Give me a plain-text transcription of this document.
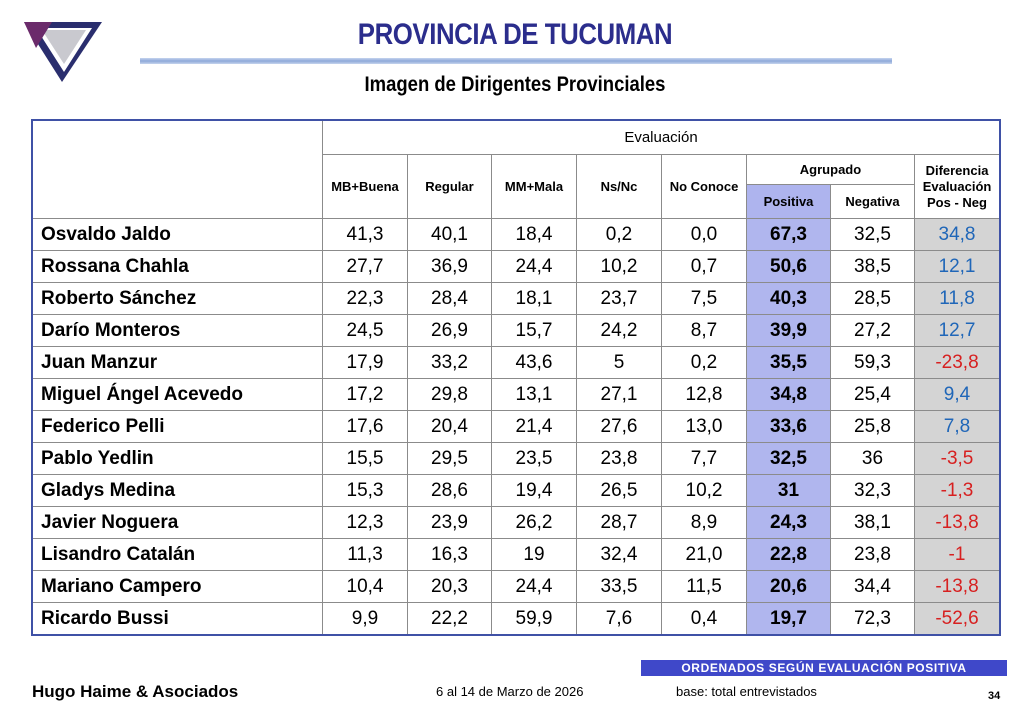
PROVINCIA DE TUCUMAN
Imagen de Dirigentes Provinciales
	Evaluación							
	MB+Buena	Regular	MM+Mala	Ns/Nc	No Conoce	Agrupado		Diferencia
Evaluación
Pos - Neg

						Positiva	Negativa	
Osvaldo Jaldo	41,3	40,1	18,4	0,2	0,0	67,3	32,5	34,8
Rossana Chahla	27,7	36,9	24,4	10,2	0,7	50,6	38,5	12,1
Roberto Sánchez	22,3	28,4	18,1	23,7	7,5	40,3	28,5	11,8
Darío Monteros	24,5	26,9	15,7	24,2	8,7	39,9	27,2	12,7
Juan Manzur	17,9	33,2	43,6	5	0,2	35,5	59,3	-23,8
Miguel Ángel Acevedo	17,2	29,8	13,1	27,1	12,8	34,8	25,4	9,4
Federico Pelli	17,6	20,4	21,4	27,6	13,0	33,6	25,8	7,8
Pablo Yedlin	15,5	29,5	23,5	23,8	7,7	32,5	36	-3,5
Gladys Medina	15,3	28,6	19,4	26,5	10,2	31	32,3	-1,3
Javier Noguera	12,3	23,9	26,2	28,7	8,9	24,3	38,1	-13,8
Lisandro Catalán	11,3	16,3	19	32,4	21,0	22,8	23,8	-1
Mariano Campero	10,4	20,3	24,4	33,5	11,5	20,6	34,4	-13,8
Ricardo Bussi	9,9	22,2	59,9	7,6	0,4	19,7	72,3	-52,6
ORDENADOS SEGÚN EVALUACIÓN POSITIVA
Hugo Haime & Asociados	6 al 14 de Marzo de 2026	base: total entrevistados	34
